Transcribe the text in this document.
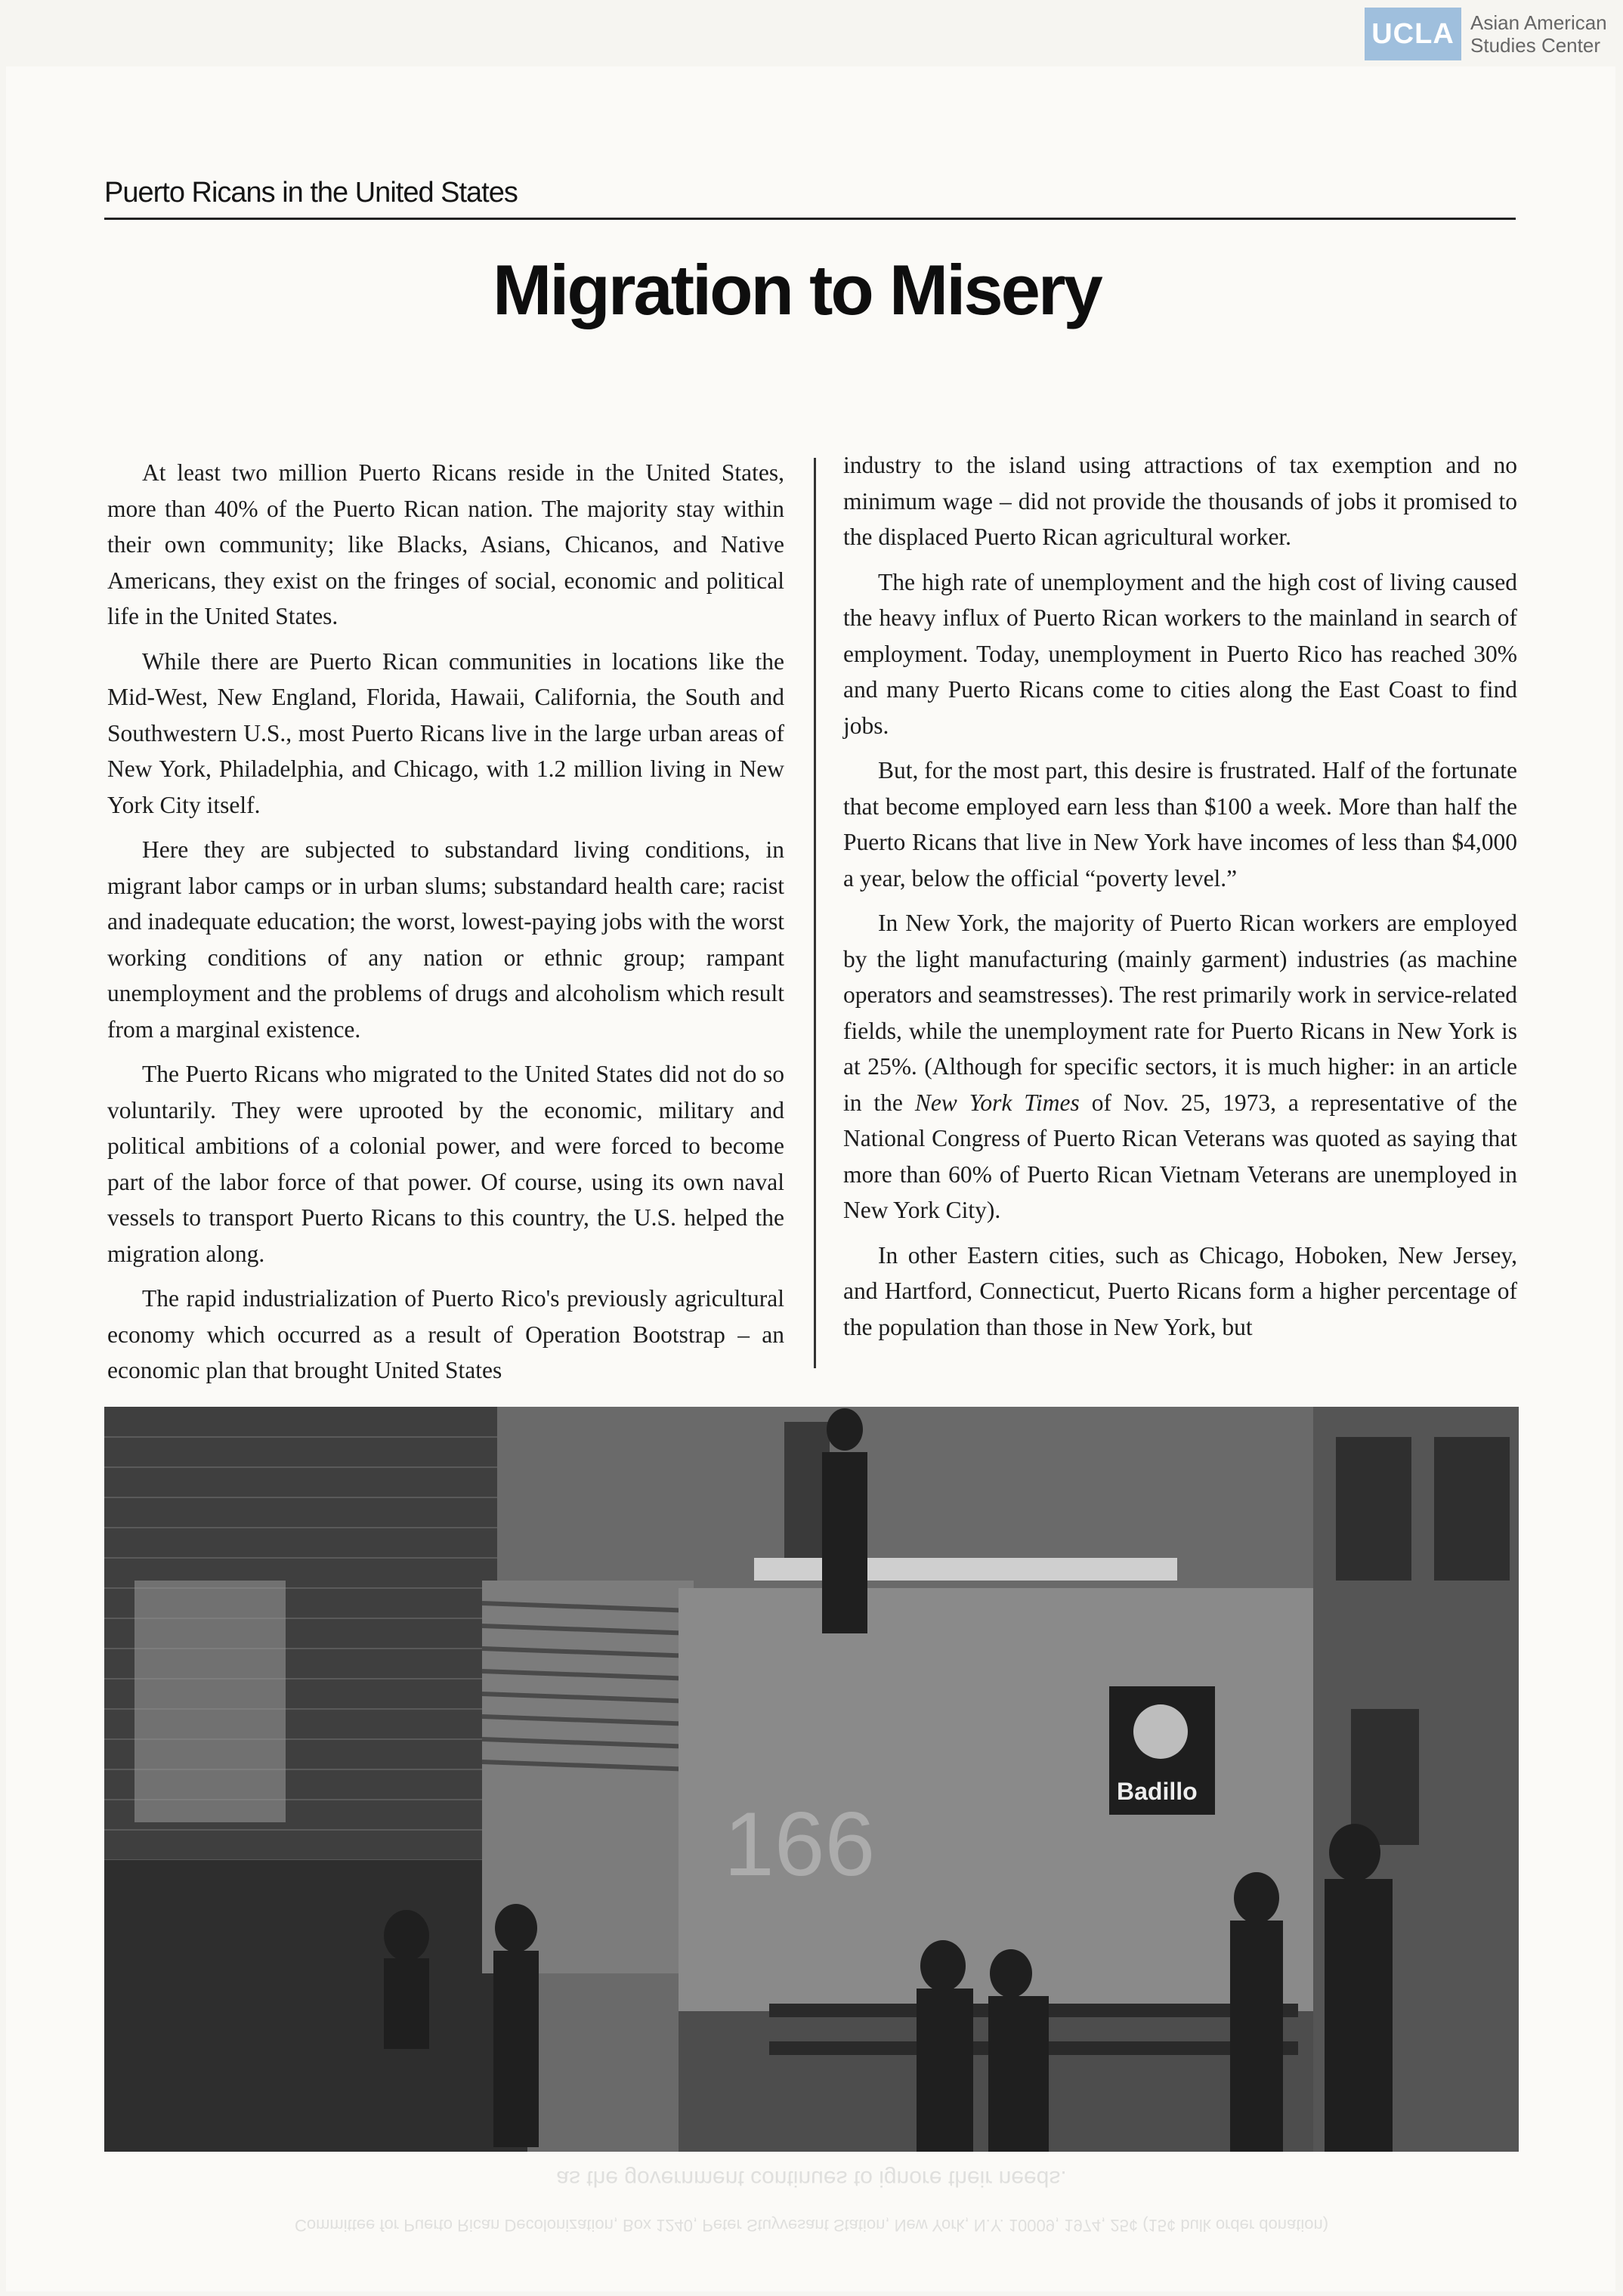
UCLA Asian American
Studies Center
as the government continues to ignore their needs.
Committee for Puerto Rican Decolonization, Box 1240, Peter Stuyvesant Station, New York, N.Y. 10009, 1974, 25¢ (15¢ bulk order donation)
Puerto Ricans in the United States
Migration to Misery

At least two million Puerto Ricans reside in the United States, more than 40% of the Puerto Rican nation. The majority stay within their own community; like Blacks, Asians, Chicanos, and Native Americans, they exist on the fringes of social, economic and political life in the United States.

While there are Puerto Rican communities in locations like the Mid-West, New England, Florida, Hawaii, California, the South and Southwestern U.S., most Puerto Ricans live in the large urban areas of New York, Philadelphia, and Chicago, with 1.2 million living in New York City itself.

Here they are subjected to substandard living conditions, in migrant labor camps or in urban slums; substandard health care; racist and inadequate education; the worst, lowest-paying jobs with the worst working conditions of any nation or ethnic group; rampant unemployment and the problems of drugs and alcoholism which result from a marginal existence.

The Puerto Ricans who migrated to the United States did not do so voluntarily. They were uprooted by the economic, military and political ambitions of a colonial power, and were forced to become part of the labor force of that power. Of course, using its own naval vessels to transport Puerto Ricans to this country, the U.S. helped the migration along.

The rapid industrialization of Puerto Rico's previously agricultural economy which occurred as a result of Operation Bootstrap – an economic plan that brought United States

industry to the island using attractions of tax exemption and no minimum wage – did not provide the thousands of jobs it promised to the displaced Puerto Rican agricultural worker.

The high rate of unemployment and the high cost of living caused the heavy influx of Puerto Rican workers to the mainland in search of employment. Today, unemployment in Puerto Rico has reached 30% and many Puerto Ricans come to cities along the East Coast to find jobs.

But, for the most part, this desire is frustrated. Half of the fortunate that become employed earn less than $100 a week. More than half the Puerto Ricans that live in New York have incomes of less than $4,000 a year, below the official “poverty level.”

In New York, the majority of Puerto Rican workers are employed by the light manufacturing (mainly garment) industries (as machine operators and seamstresses). The rest primarily work in service-related fields, while the unemployment rate for Puerto Ricans in New York is at 25%. (Although for specific sectors, it is much higher: in an article in the New York Times of Nov. 25, 1973, a representative of the National Congress of Puerto Rican Veterans was quoted as saying that more than 60% of Puerto Rican Vietnam Veterans are unemployed in New York City).

In other Eastern cities, such as Chicago, Hoboken, New Jersey, and Hartford, Connecticut, Puerto Ricans form a higher percentage of the population than those in New York, but

166
Badillo
